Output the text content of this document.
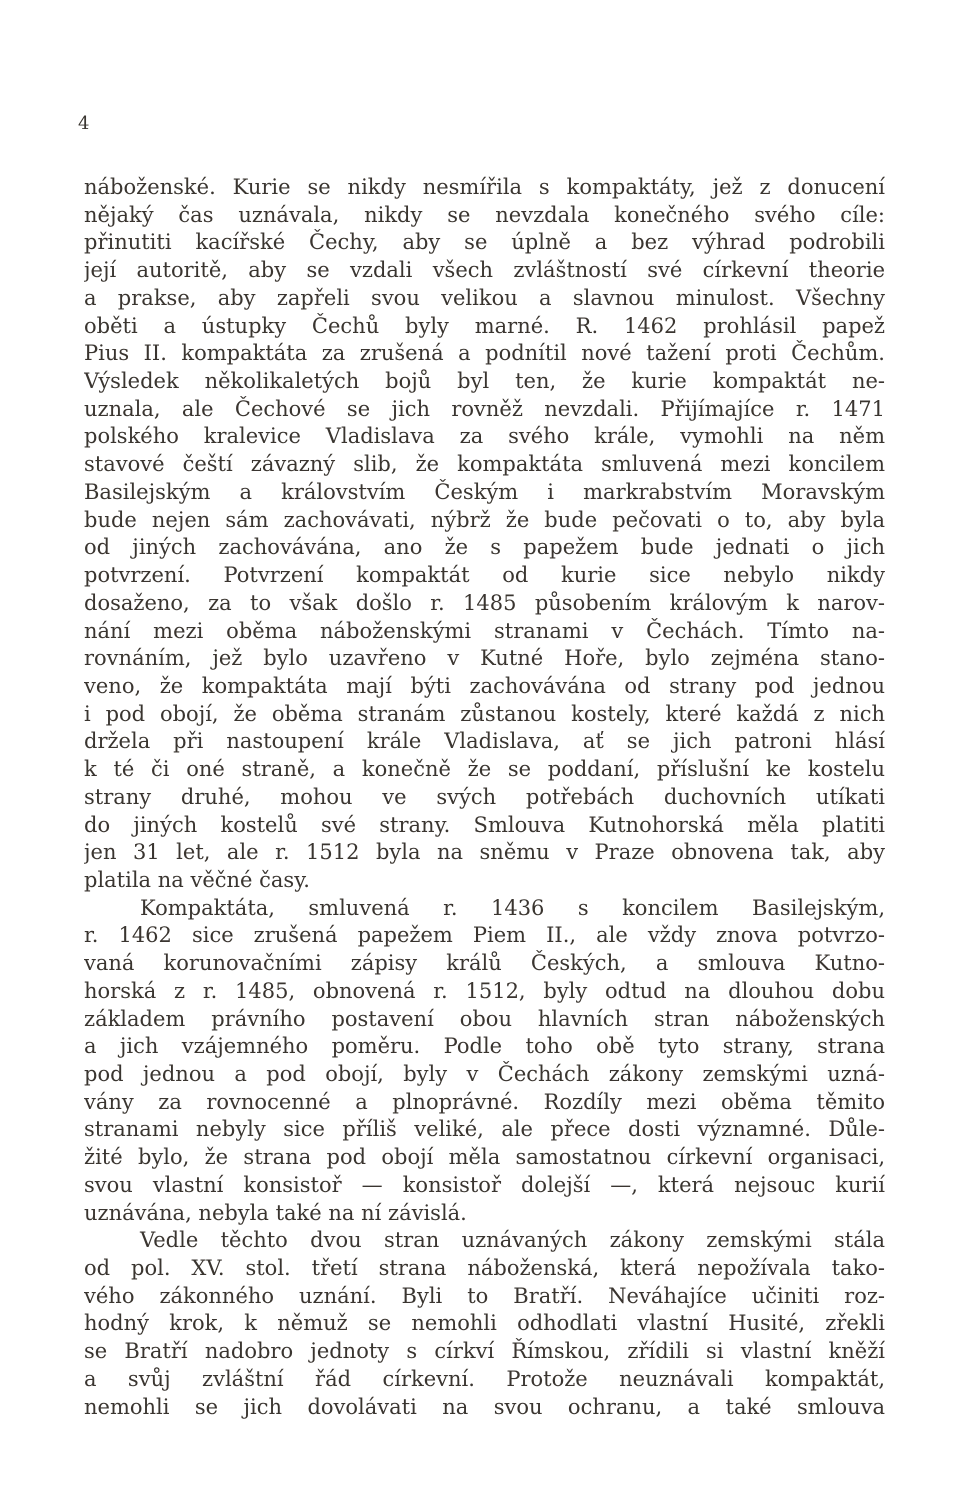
4
náboženské. Kurie se nikdy nesmířila s kompaktáty, jež z donucení
nějaký čas uznávala, nikdy se nevzdala konečného svého cíle:
přinutiti kacířské Čechy, aby se úplně a bez výhrad podrobili
její autoritě, aby se vzdali všech zvláštností své církevní theorie
a prakse, aby zapřeli svou velikou a slavnou minulost. Všechny
oběti a ústupky Čechů byly marné. R. 1462 prohlásil papež
Pius II. kompaktáta za zrušená a podnítil nové tažení proti Čechům.
Výsledek několikaletých bojů byl ten, že kurie kompaktát ne-
uznala, ale Čechové se jich rovněž nevzdali. Přijímajíce r. 1471
polského kralevice Vladislava za svého krále, vymohli na něm
stavové čeští závazný slib, že kompaktáta smluvená mezi koncilem
Basilejským a královstvím Českým i markrabstvím Moravským
bude nejen sám zachovávati, nýbrž že bude pečovati o to, aby byla
od jiných zachovávána, ano že s papežem bude jednati o jich
potvrzení. Potvrzení kompaktát od kurie sice nebylo nikdy
dosaženo, za to však došlo r. 1485 působením královým k narov-
nání mezi oběma náboženskými stranami v Čechách. Tímto na-
rovnáním, jež bylo uzavřeno v Kutné Hoře, bylo zejména stano-
veno, že kompaktáta mají býti zachovávána od strany pod jednou
i pod obojí, že oběma stranám zůstanou kostely, které každá z nich
držela při nastoupení krále Vladislava, ať se jich patroni hlásí
k té či oné straně, a konečně že se poddaní, příslušní ke kostelu
strany druhé, mohou ve svých potřebách duchovních utíkati
do jiných kostelů své strany. Smlouva Kutnohorská měla platiti
jen 31 let, ale r. 1512 byla na sněmu v Praze obnovena tak, aby
platila na věčné časy.
Kompaktáta, smluvená r. 1436 s koncilem Basilejským,
r. 1462 sice zrušená papežem Piem II., ale vždy znova potvrzo-
vaná korunovačními zápisy králů Českých, a smlouva Kutno-
horská z r. 1485, obnovená r. 1512, byly odtud na dlouhou dobu
základem právního postavení obou hlavních stran náboženských
a jich vzájemného poměru. Podle toho obě tyto strany, strana
pod jednou a pod obojí, byly v Čechách zákony zemskými uzná-
vány za rovnocenné a plnoprávné. Rozdíly mezi oběma těmito
stranami nebyly sice příliš veliké, ale přece dosti významné. Důle-
žité bylo, že strana pod obojí měla samostatnou církevní organisaci,
svou vlastní konsistoř — konsistoř dolejší —, která nejsouc kurií
uznávána, nebyla také na ní závislá.
Vedle těchto dvou stran uznávaných zákony zemskými stála
od pol. XV. stol. třetí strana náboženská, která nepožívala tako-
vého zákonného uznání. Byli to Bratří. Neváhajíce učiniti roz-
hodný krok, k němuž se nemohli odhodlati vlastní Husité, zřekli
se Bratří nadobro jednoty s církví Římskou, zřídili si vlastní kněží
a svůj zvláštní řád církevní. Protože neuznávali kompaktát,
nemohli se jich dovolávati na svou ochranu, a také smlouva
